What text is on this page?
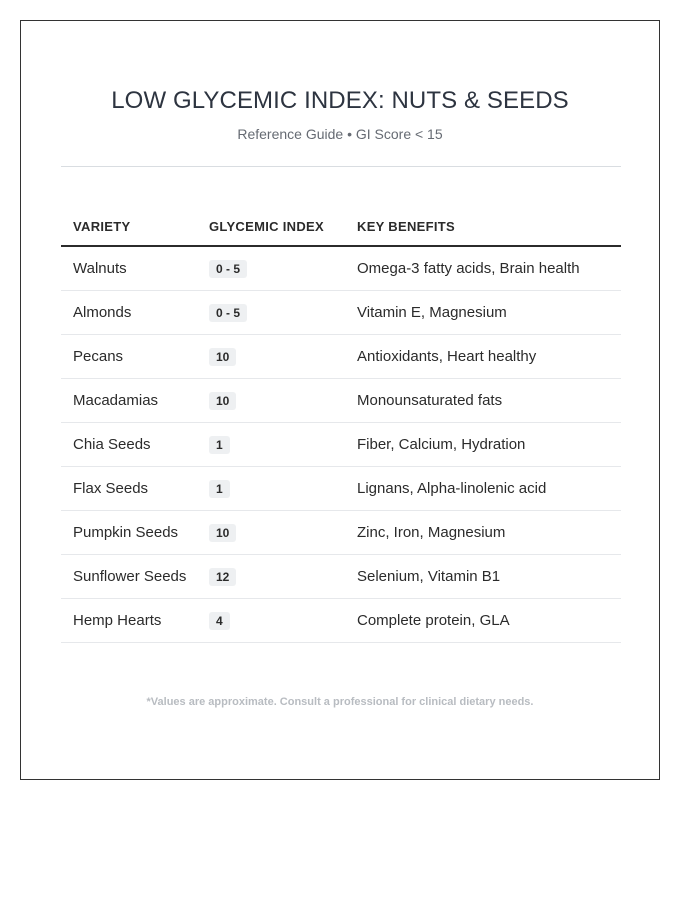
LOW GLYCEMIC INDEX: NUTS & SEEDS
Reference Guide • GI Score < 15
VARIETY	GLYCEMIC INDEX	KEY BENEFITS
Walnuts	0 - 5	Omega-3 fatty acids, Brain health
Almonds	0 - 5	Vitamin E, Magnesium
Pecans	10	Antioxidants, Heart healthy
Macadamias	10	Monounsaturated fats
Chia Seeds	1	Fiber, Calcium, Hydration
Flax Seeds	1	Lignans, Alpha-linolenic acid
Pumpkin Seeds	10	Zinc, Iron, Magnesium
Sunflower Seeds	12	Selenium, Vitamin B1
Hemp Hearts	4	Complete protein, GLA
*Values are approximate. Consult a professional for clinical dietary needs.
